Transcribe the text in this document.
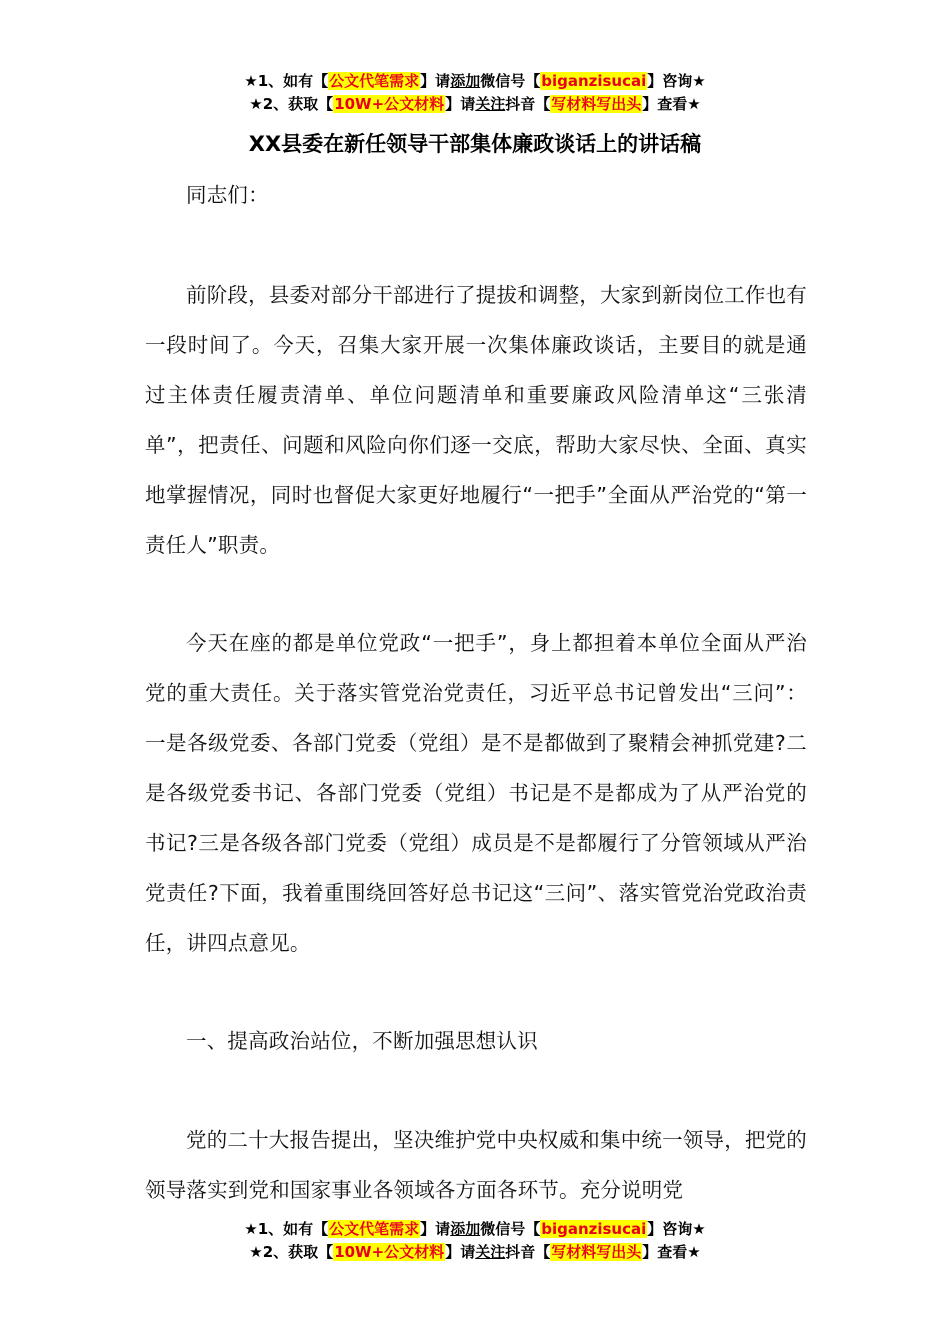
★1、如有【公文代笔需求】请添加微信号【biganzisucai】咨询★
★2、获取【10W+公文材料】请关注抖音【写材料写出头】查看★
XX县委在新任领导干部集体廉政谈话上的讲话稿

同志们：

前阶段，县委对部分干部进行了提拔和调整，大家到新岗位工作也有一段时间了。今天，召集大家开展一次集体廉政谈话，主要目的就是通过主体责任履责清单、单位问题清单和重要廉政风险清单这“三张清单”，把责任、问题和风险向你们逐一交底，帮助大家尽快、全面、真实地掌握情况，同时也督促大家更好地履行“一把手”全面从严治党的“第一责任人”职责。

今天在座的都是单位党政“一把手”，身上都担着本单位全面从严治党的重大责任。关于落实管党治党责任，习近平总书记曾发出“三问”：一是各级党委、各部门党委（党组）是不是都做到了聚精会神抓党建?二是各级党委书记、各部门党委（党组）书记是不是都成为了从严治党的书记?三是各级各部门党委（党组）成员是不是都履行了分管领域从严治党责任?下面，我着重围绕回答好总书记这“三问”、落实管党治党政治责任，讲四点意见。

一、提高政治站位，不断加强思想认识

党的二十大报告提出，坚决维护党中央权威和集中统一领导，把党的领导落实到党和国家事业各领域各方面各环节。充分说明党

★1、如有【公文代笔需求】请添加微信号【biganzisucai】咨询★
★2、获取【10W+公文材料】请关注抖音【写材料写出头】查看★
